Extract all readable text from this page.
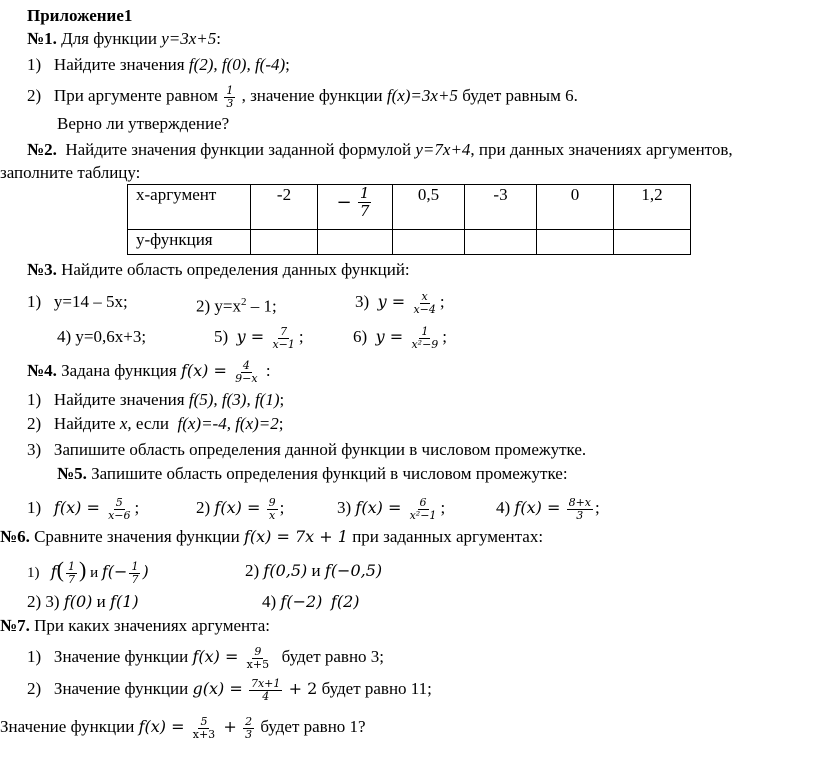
Приложение1
№1. Для функции y=3x+5:
1) Найдите значения f(2), f(0), f(-4);
2) При аргументе равном $\frac{1}{3}$ , значение функции f(x)=3x+5 будет равным 6.
Верно ли утверждение?
№2. Найдите значения функции заданной формулой y=7x+4, при данных значениях аргументов,
заполните таблицу:
x-аргумент	-2	− $\frac{1}{7}$	0,5	-3	0	1,2
y-функция						
№3. Найдите область определения данных функций:
1) y=14 – 5x;	2) $y=x^2 - 1$;	3) $y = \frac{x}{x-4}$ ;
4) y=0,6x+3;	5) $y = \frac{7}{x-1}$ ;	6) $y = \frac{1}{\text{x²−9}}$ ;
№4. Задана функция $f(x) = \frac{4}{9-x}$ :
1) Найдите значения f(5), f(3), f(1);
2) Найдите x, если f(x)=-4, f(x)=2;
3) Запишите область определения данной функции в числовом промежутке.
№5. Запишите область определения функций в числовом промежутке:
1) $f(x) = \frac{5}{x-6}$ ;	2) $f(x) = \frac{9}{x}$ ;	3) $f(x) = \frac{6}{\text{x²−1}}$ ;	4) $f(x) = \frac{8+x}{3}$ ;
№6. Сравните значения функции f(x) = 7x + 1 при заданных аргументах:
1) $f( \frac{1}{7}$ ) и $f(- \frac{1}{7}$ )	2) f(0,5) и f(−0,5)
2) 3) f(0) и f(1)	4) f(−2) f(2)
№7. При каких значениях аргумента:
1) Значение функции $f(x) = \frac{9}{x+5}$ будет равно 3;
2) Значение функции $g(x) = \frac{7x+1}{4} + 2$ будет равно 11;
Значение функции $f(x) = \frac{5}{x+3} + \frac{2}{3}$ будет равно 1?
